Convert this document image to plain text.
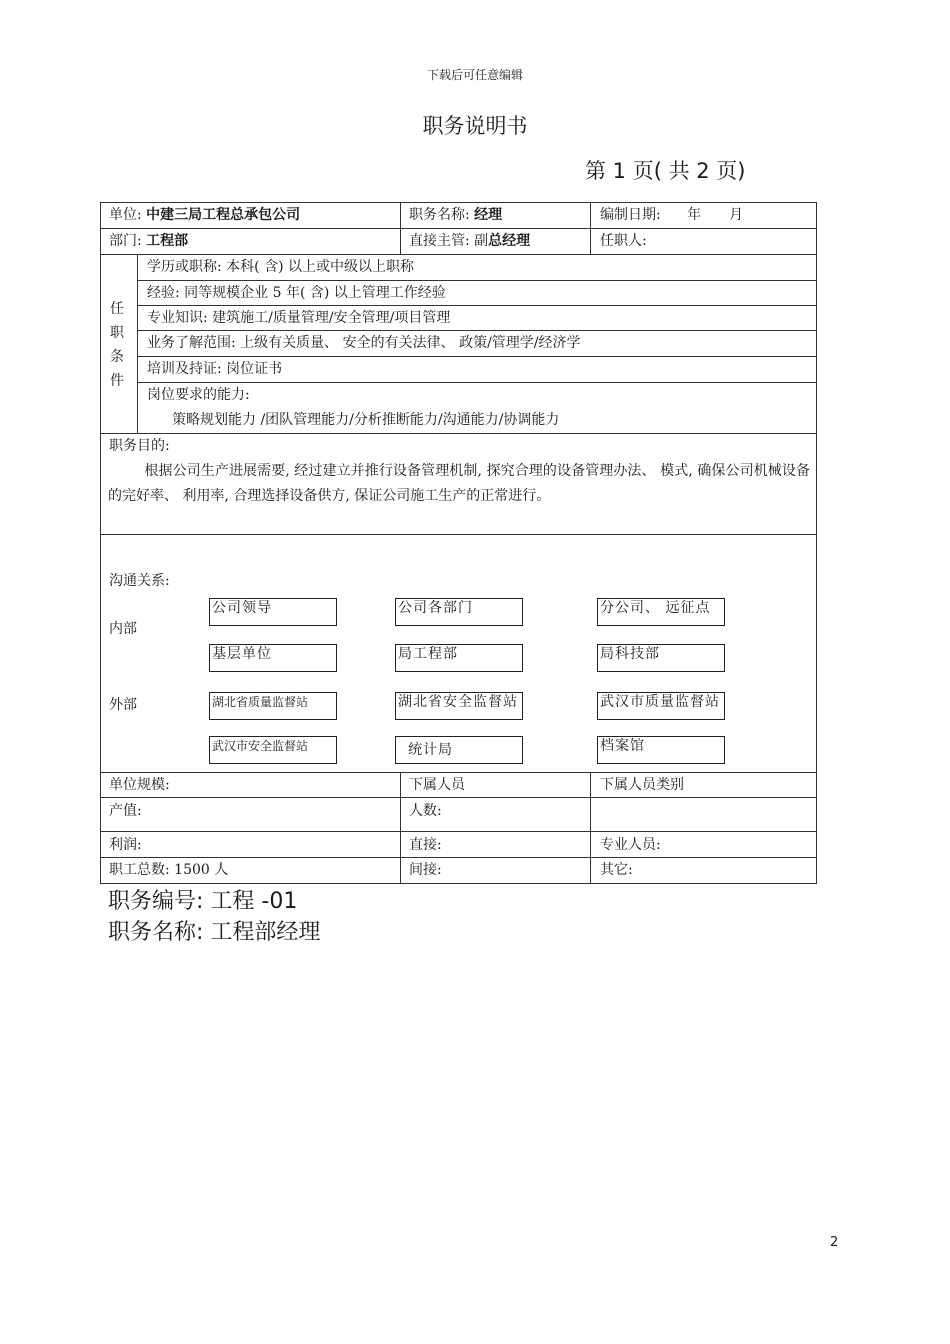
下载后可任意编辑
职务说明书
第 1 页( 共 2 页)
单位: 中建三局工程总承包公司	职务名称: 经理	编制日期: 年　　月
部门: 工程部	直接主管: 副总经理	任职人:
任
职
条
件
学历或职称: 本科( 含) 以上或中级以上职称
经验: 同等规模企业 5 年( 含) 以上管理工作经验
专业知识: 建筑施工/质量管理/安全管理/项目管理
业务了解范围: 上级有关质量、 安全的有关法律、 政策/管理学/经济学
培训及持证: 岗位证书
岗位要求的能力:
策略规划能力 /团队管理能力/分析推断能力/沟通能力/协调能力
职务目的:
根据公司生产进展需要, 经过建立并推行设备管理机制, 探究合理的设备管理办法、 模式, 确保公司机械设备的完好率、 利用率, 合理选择设备供方, 保证公司施工生产的正常进行。
沟通关系:
内部
外部
公司领导	公司各部门	分公司、 远征点
基层单位	局工程部	局科技部
湖北省质量监督站	湖北省安全监督站	武汉市质量监督站
武汉市安全监督站	统计局	档案馆
单位规模:	下属人员	下属人员类别
产值:	人数:
利润:	直接:	专业人员:
职工总数: 1500 人	间接:	其它:
职务编号: 工程 -01
职务名称: 工程部经理
2
